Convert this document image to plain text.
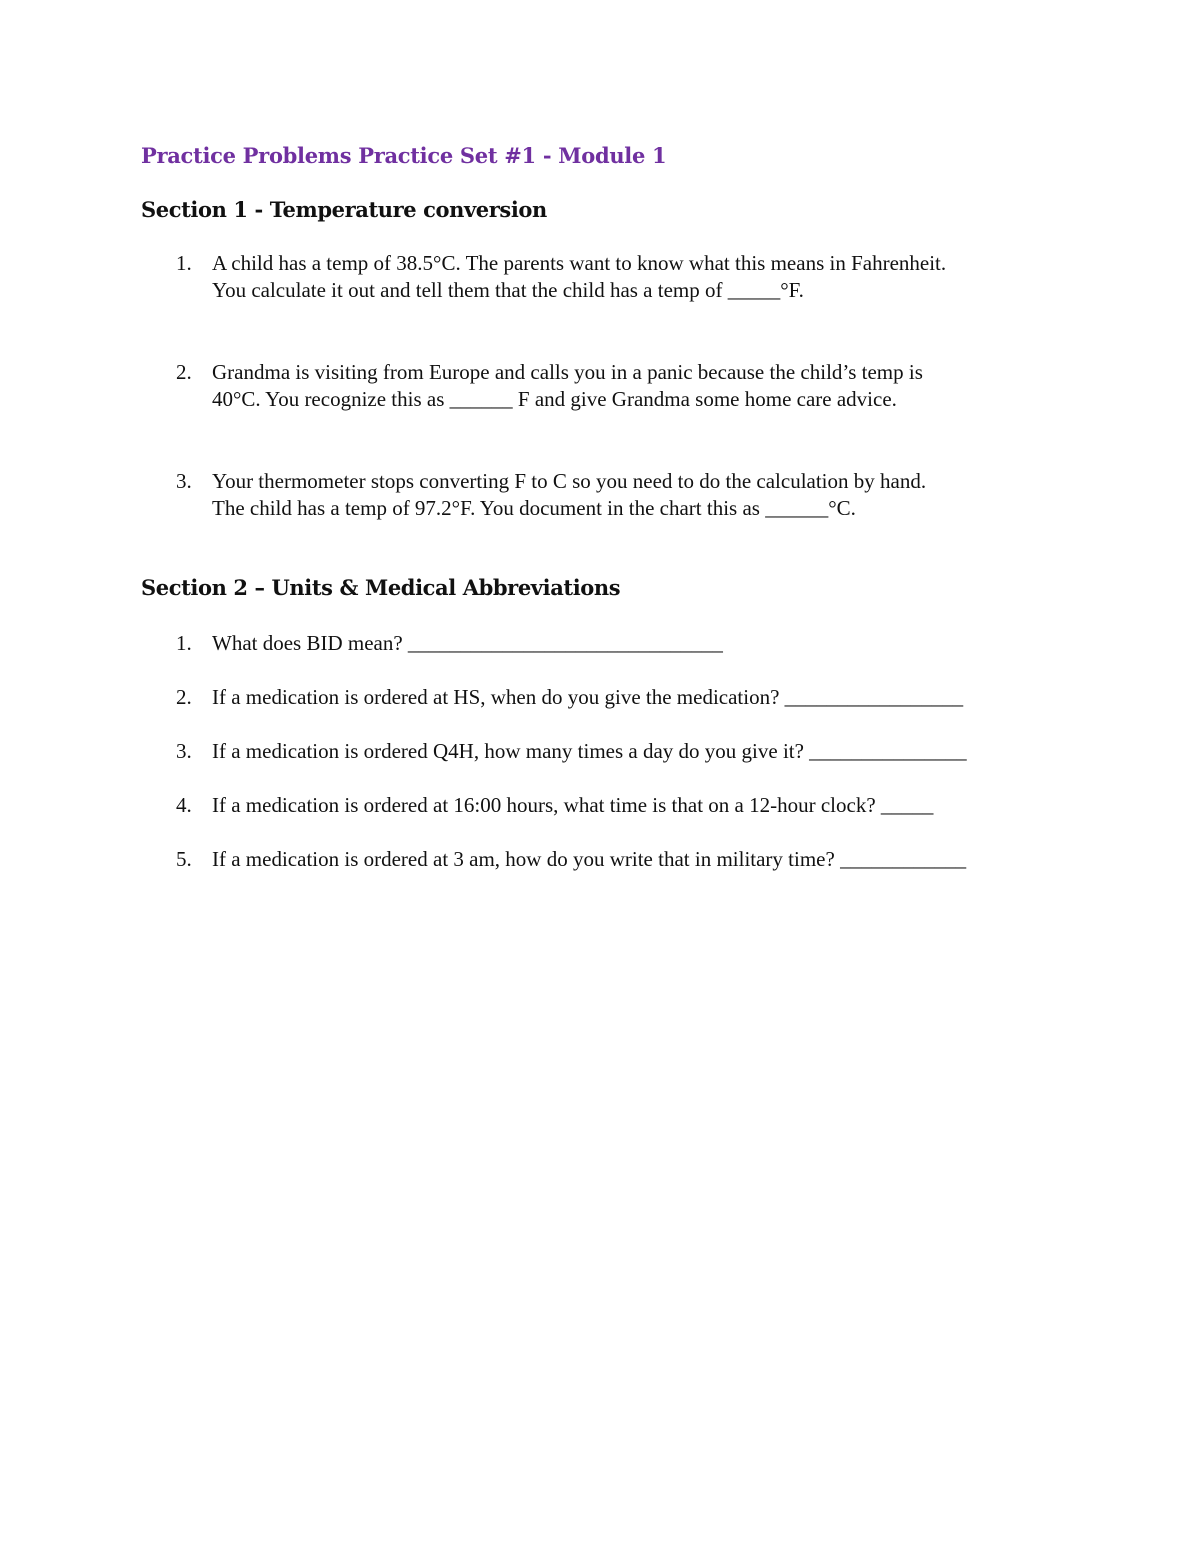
Practice Problems Practice Set #1 - Module 1
Section 1 - Temperature conversion
1. A child has a temp of 38.5°C. The parents want to know what this means in Fahrenheit.
You calculate it out and tell them that the child has a temp of _____°F.
2. Grandma is visiting from Europe and calls you in a panic because the child’s temp is
40°C. You recognize this as ______ F and give Grandma some home care advice.
3. Your thermometer stops converting F to C so you need to do the calculation by hand.
The child has a temp of 97.2°F. You document in the chart this as ______°C.
Section 2 – Units & Medical Abbreviations
1. What does BID mean? ______________________________
2. If a medication is ordered at HS, when do you give the medication? _________________
3. If a medication is ordered Q4H, how many times a day do you give it? _______________
4. If a medication is ordered at 16:00 hours, what time is that on a 12-hour clock? _____
5. If a medication is ordered at 3 am, how do you write that in military time? ____________
